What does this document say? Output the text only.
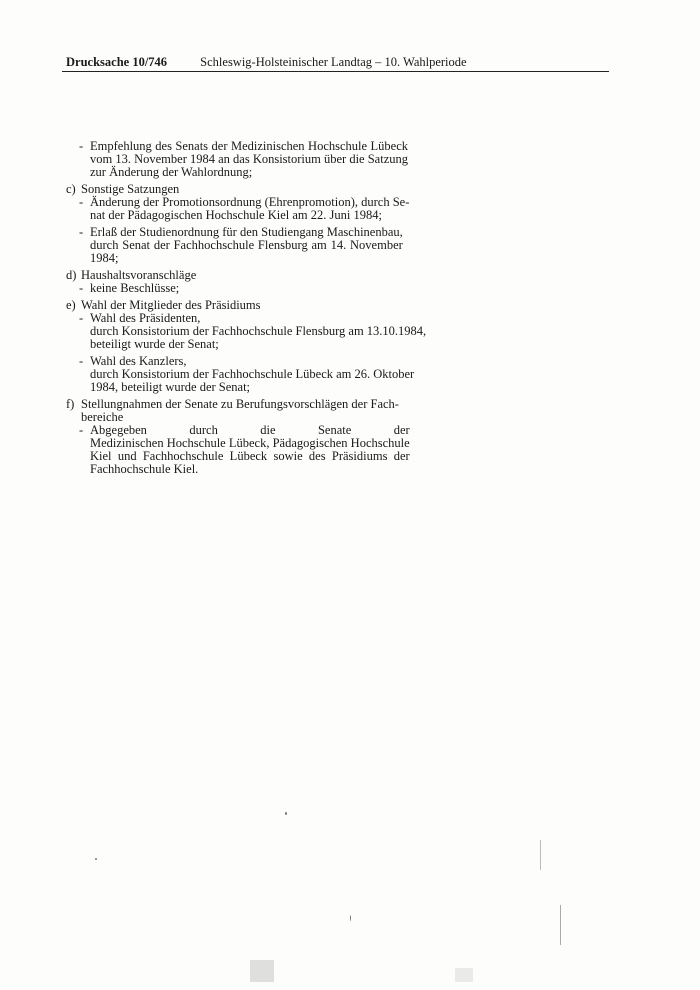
Drucksache 10/746	Schleswig-Holsteinischer Landtag – 10. Wahlperiode
- Empfehlung des Senats der Medizinischen Hochschule Lübeck
vom 13. November 1984 an das Konsistorium über die Satzung
zur Änderung der Wahlordnung;
c) Sonstige Satzungen
- Änderung der Promotionsordnung (Ehrenpromotion), durch Se-
nat der Pädagogischen Hochschule Kiel am 22. Juni 1984;
- Erlaß der Studienordnung für den Studiengang Maschinenbau,
durch Senat der Fachhochschule Flensburg am 14. November
1984;
d) Haushaltsvoranschläge
- keine Beschlüsse;
e) Wahl der Mitglieder des Präsidiums
- Wahl des Präsidenten,
durch Konsistorium der Fachhochschule Flensburg am 13.10.1984,
beteiligt wurde der Senat;
- Wahl des Kanzlers,
durch Konsistorium der Fachhochschule Lübeck am 26. Oktober
1984, beteiligt wurde der Senat;
f) Stellungnahmen der Senate zu Berufungsvorschlägen der Fach-
bereiche
- Abgegeben durch die Senate der
Medizinischen Hochschule Lübeck, Pädagogischen Hochschule
Kiel und Fachhochschule Lübeck sowie des Präsidiums der
Fachhochschule Kiel.
